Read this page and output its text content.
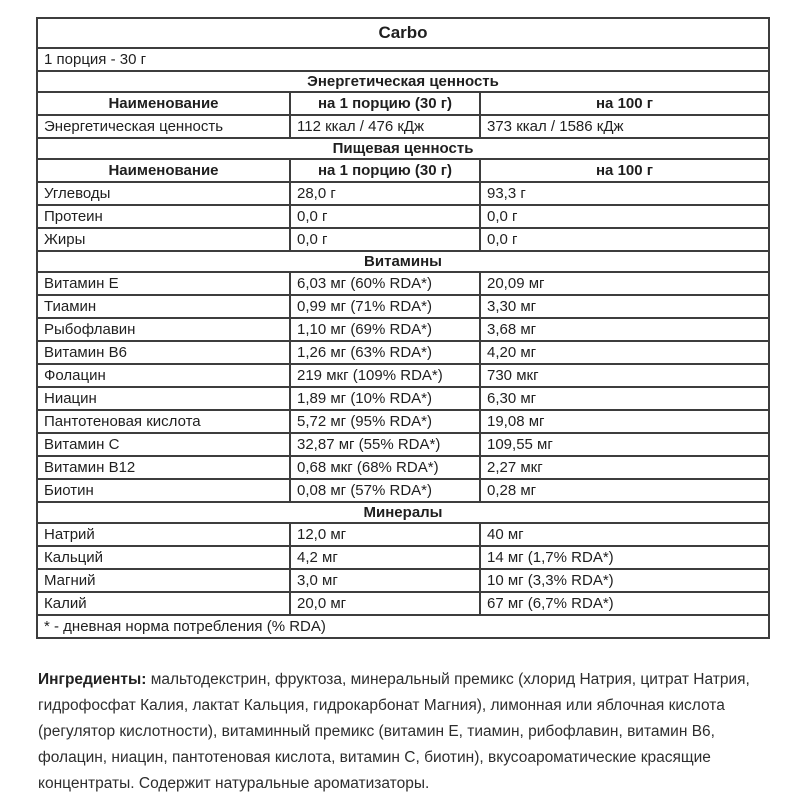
Carbo		
1 порция - 30 г		
Энергетическая ценность		
Наименование	на 1 порцию (30 г)	на 100 г
Энергетическая ценность	112 ккал / 476 кДж	373 ккал / 1586 кДж
Пищевая ценность		
Наименование	на 1 порцию (30 г)	на 100 г
Углеводы	28,0 г	93,3 г
Протеин	0,0 г	0,0 г
Жиры	0,0 г	0,0 г
Витамины		
Витамин Е	6,03 мг (60% RDA*)	20,09 мг
Тиамин	0,99 мг (71% RDA*)	3,30 мг
Рыбофлавин	1,10 мг (69% RDA*)	3,68 мг
Витамин В6	1,26 мг (63% RDA*)	4,20 мг
Фолацин	219 мкг (109% RDA*)	730 мкг
Ниацин	1,89 мг (10% RDA*)	6,30 мг
Пантотеновая кислота	5,72 мг (95% RDA*)	19,08 мг
Витамин С	32,87 мг (55% RDA*)	109,55 мг
Витамин В12	0,68 мкг (68% RDA*)	2,27 мкг
Биотин	0,08 мг (57% RDA*)	0,28 мг
Минералы		
Натрий	12,0 мг	40 мг
Кальций	4,2 мг	14 мг (1,7% RDA*)
Магний	3,0 мг	10 мг (3,3% RDA*)
Калий	20,0 мг	67 мг (6,7% RDA*)
* - дневная норма потребления (% RDA)		

Ингредиенты: мальтодекстрин, фруктоза, минеральный премикс (хлорид Натрия, цитрат Натрия, гидрофосфат Калия, лактат Кальция, гидрокарбонат Магния), лимонная или яблочная кислота (регулятор кислотности), витаминный премикс (витамин Е, тиамин, рибофлавин, витамин В6, фолацин, ниацин, пантотеновая кислота, витамин С, биотин), вкусоароматические красящие концентраты. Содержит натуральные ароматизаторы.
